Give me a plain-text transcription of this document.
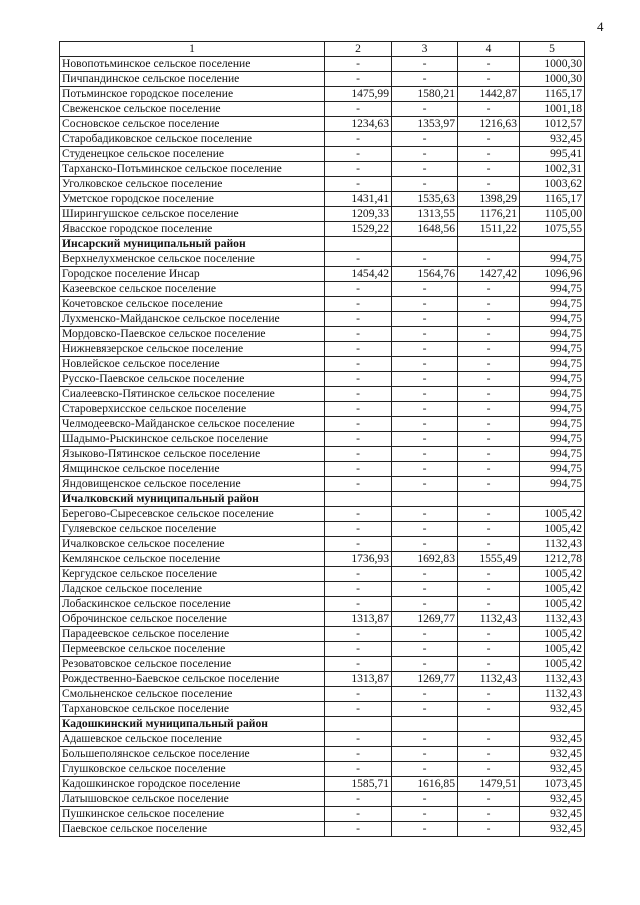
4
1	2	3	4	5
Новопотьминское сельское поселение	-	-	-	1000,30
Пичпандинское сельское поселение	-	-	-	1000,30
Потьминское городское поселение	1475,99	1580,21	1442,87	1165,17
Свеженское сельское поселение	-	-	-	1001,18
Сосновское сельское поселение	1234,63	1353,97	1216,63	1012,57
Старобадиковское сельское поселение	-	-	-	932,45
Студенецкое сельское поселение	-	-	-	995,41
Тарханско-Потьминское сельское поселение	-	-	-	1002,31
Уголковское сельское поселение	-	-	-	1003,62
Уметское городское поселение	1431,41	1535,63	1398,29	1165,17
Ширингушское сельское поселение	1209,33	1313,55	1176,21	1105,00
Явасское городское поселение	1529,22	1648,56	1511,22	1075,55
Инсарский муниципальный район				
Верхнелухменское сельское поселение	-	-	-	994,75
Городское поселение Инсар	1454,42	1564,76	1427,42	1096,96
Казеевское сельское поселение	-	-	-	994,75
Кочетовское сельское поселение	-	-	-	994,75
Лухменско-Майданское сельское поселение	-	-	-	994,75
Мордовско-Паевское сельское поселение	-	-	-	994,75
Нижневязерское сельское поселение	-	-	-	994,75
Новлейское сельское поселение	-	-	-	994,75
Русско-Паевское сельское поселение	-	-	-	994,75
Сиалеевско-Пятинское сельское поселение	-	-	-	994,75
Староверхисское сельское поселение	-	-	-	994,75
Челмодеевско-Майданское сельское поселение	-	-	-	994,75
Шадымо-Рыскинское сельское поселение	-	-	-	994,75
Языково-Пятинское сельское поселение	-	-	-	994,75
Ямщинское сельское поселение	-	-	-	994,75
Яндовищенское сельское поселение	-	-	-	994,75
Ичалковский муниципальный район				
Берегово-Сыресевское сельское поселение	-	-	-	1005,42
Гуляевское сельское поселение	-	-	-	1005,42
Ичалковское сельское поселение	-	-	-	1132,43
Кемлянское сельское поселение	1736,93	1692,83	1555,49	1212,78
Кергудское сельское поселение	-	-	-	1005,42
Ладское сельское поселение	-	-	-	1005,42
Лобаскинское сельское поселение	-	-	-	1005,42
Оброчинское сельское поселение	1313,87	1269,77	1132,43	1132,43
Парадеевское сельское поселение	-	-	-	1005,42
Пермеевское сельское поселение	-	-	-	1005,42
Резоватовское сельское поселение	-	-	-	1005,42
Рождественно-Баевское сельское поселение	1313,87	1269,77	1132,43	1132,43
Смольненское сельское поселение	-	-	-	1132,43
Тархановское сельское поселение	-	-	-	932,45
Кадошкинский муниципальный район				
Адашевское сельское поселение	-	-	-	932,45
Большеполянское сельское поселение	-	-	-	932,45
Глушковское сельское поселение	-	-	-	932,45
Кадошкинское городское поселение	1585,71	1616,85	1479,51	1073,45
Латышовское сельское поселение	-	-	-	932,45
Пушкинское сельское поселение	-	-	-	932,45
Паевское сельское поселение	-	-	-	932,45
